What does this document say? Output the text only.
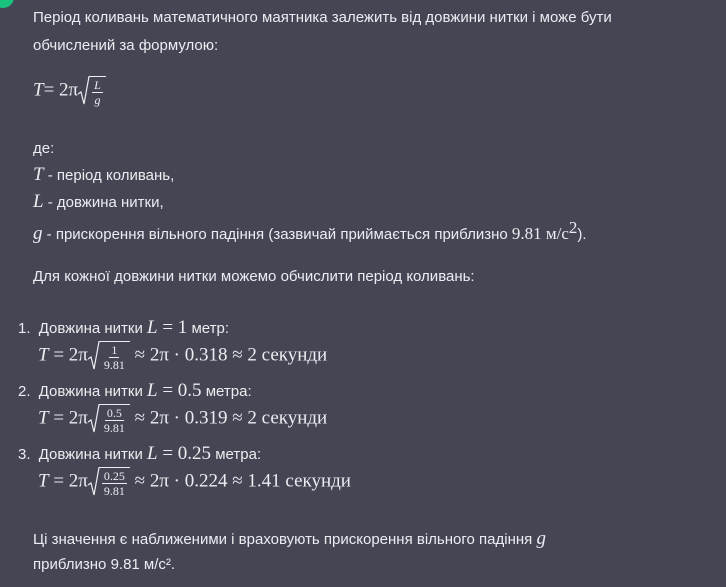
Період коливань математичного маятника залежить від довжини нитки і може бути
обчислений за формулою:
$T= 2\pi \frac{L}{g}$
де:
T - період коливань,
L - довжина нитки,
g - прискорення вільного падіння (зазвичай приймається приблизно 9.81 м/с2).
Для кожної довжини нитки можемо обчислити період коливань:
1. Довжина нитки L = 1 метр:
$T = 2\pi \frac{1}{9.81} \approx 2\pi \cdot 0.318 \approx 2$ секунди
2. Довжина нитки L = 0.5 метра:
$T = 2\pi \frac{0.5}{9.81} \approx 2\pi \cdot 0.319 \approx 2$ секунди
3. Довжина нитки L = 0.25 метра:
$T = 2\pi \frac{0.25}{9.81} \approx 2\pi \cdot 0.224 \approx 1.41$ секунди
Ці значення є наближеними і враховують прискорення вільного падіння g
приблизно 9.81 м/с².
